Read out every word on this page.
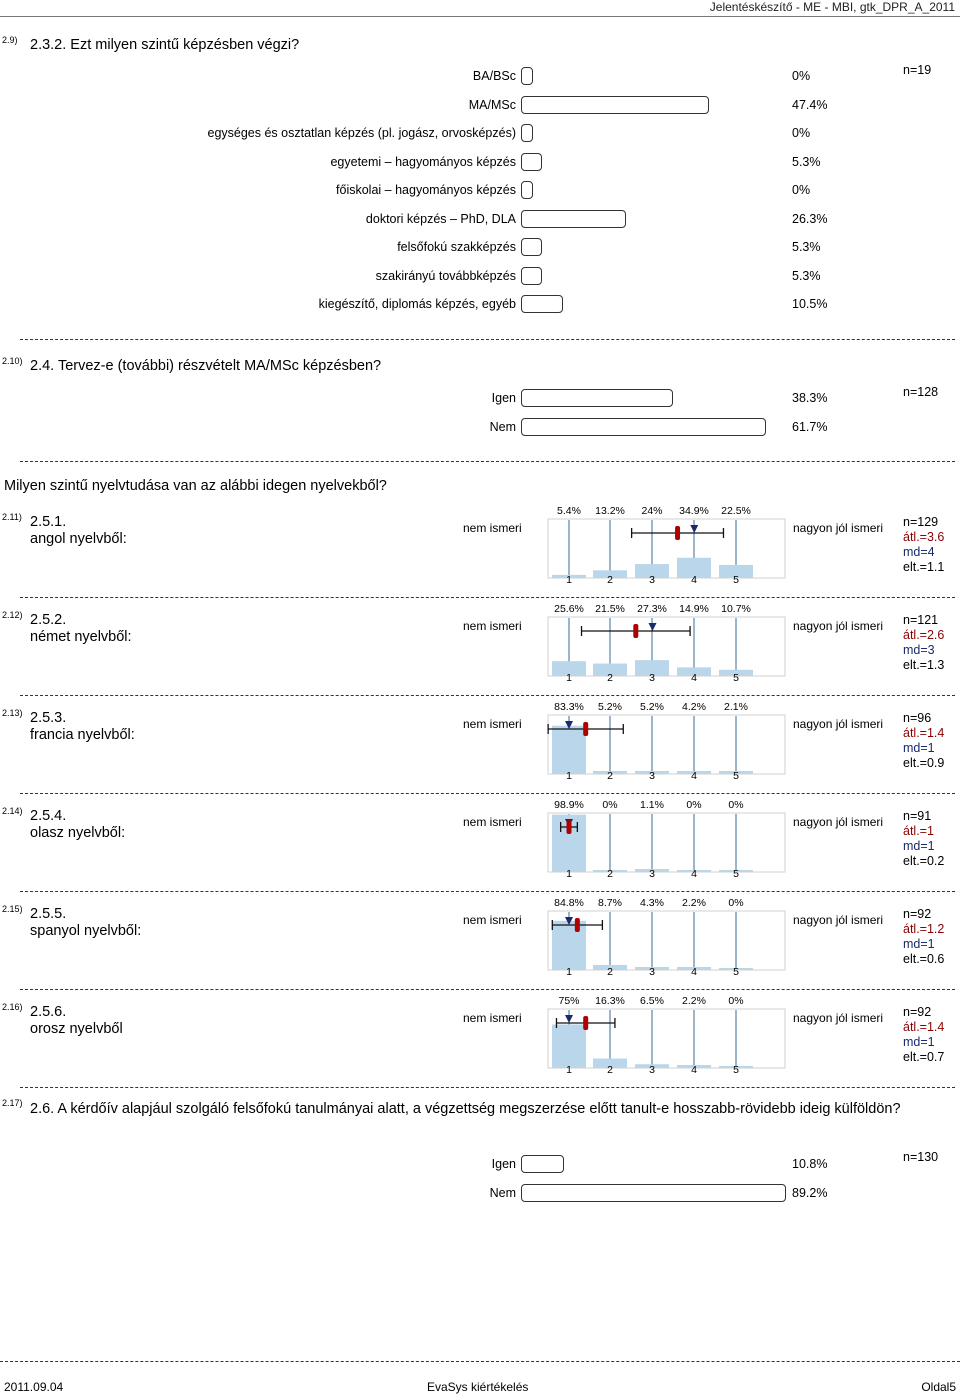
Jelentéskészítő - ME - MBI, gtk_DPR_A_2011
2.9) 2.3.2. Ezt milyen szintű képzésben végzi?
n=19
BA/BSc	0%
MA/MSc	47.4%
egységes és osztatlan képzés (pl. jogász, orvosképzés)	0%
egyetemi – hagyományos képzés	5.3%
főiskolai – hagyományos képzés	0%
doktori képzés – PhD, DLA	26.3%
felsőfokú szakképzés	5.3%
szakirányú továbbképzés	5.3%
kiegészítő, diplomás képzés, egyéb	10.5%
2.10) 2.4. Tervez-e (további) részvételt MA/MSc képzésben?
n=128
Igen	38.3%
Nem	61.7%
Milyen szintű nyelvtudása van az alábbi idegen nyelvekből?
2.11) 2.5.1.
angol nyelvből:
nem ismeri	nagyon jól ismeri
5.4%	13.2%	24%	34.9%	22.5%
1	2	3	4	5
n=129
átl.=3.6
md=4
elt.=1.1
2.12) 2.5.2.
német nyelvből:
nem ismeri	nagyon jól ismeri
25.6%	21.5%	27.3%	14.9%	10.7%
1	2	3	4	5
n=121
átl.=2.6
md=3
elt.=1.3
2.13) 2.5.3.
francia nyelvből:
nem ismeri	nagyon jól ismeri
83.3%	5.2%	5.2%	4.2%	2.1%
1	2	3	4	5
n=96
átl.=1.4
md=1
elt.=0.9
2.14) 2.5.4.
olasz nyelvből:
nem ismeri	nagyon jól ismeri
98.9%	0%	1.1%	0%	0%
1	2	3	4	5
n=91
átl.=1
md=1
elt.=0.2
2.15) 2.5.5.
spanyol nyelvből:
nem ismeri	nagyon jól ismeri
84.8%	8.7%	4.3%	2.2%	0%
1	2	3	4	5
n=92
átl.=1.2
md=1
elt.=0.6
2.16) 2.5.6.
orosz nyelvből
nem ismeri	nagyon jól ismeri
75%	16.3%	6.5%	2.2%	0%
1	2	3	4	5
n=92
átl.=1.4
md=1
elt.=0.7
2.17) 2.6. A kérdőív alapjául szolgáló felsőfokú tanulmányai alatt, a végzettség megszerzése előtt tanult-e hosszabb-rövidebb ideig külföldön?
n=130
Igen	10.8%
Nem	89.2%
2011.09.04	EvaSys kiértékelés	Oldal5
